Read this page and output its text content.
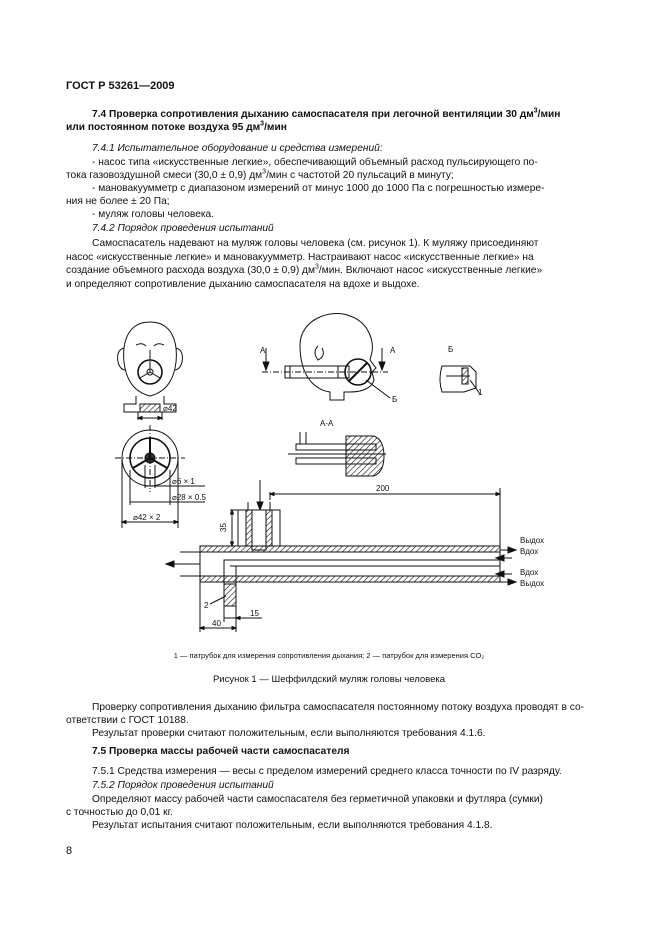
ГОСТ Р 53261—2009
7.4 Проверка сопротивления дыханию самоспасателя при легочной вентиляции 30 $дм^3$/мин
или постоянном потоке воздуха 95 $дм^3$/мин
7.4.1 Испытательное оборудование и средства измерений:
- насос типа «искусственные легкие», обеспечивающий объемный расход пульсирующего по-
тока газовоздушной смеси (30,0 ± 0,9) $дм^3$/мин с частотой 20 пульсаций в минуту;
- мановакуумметр с диапазоном измерений от минус 1000 до 1000 Па с погрешностью измере-
ния не более ± 20 Па;
- муляж головы человека.
7.4.2 Порядок проведения испытаний
Самоспасатель надевают на муляж головы человека (см. рисунок 1). К муляжу присоединяют
насос «искусственные легкие» и мановакуумметр. Настраивают насос «искусственные легкие» на
создание объемного расхода воздуха (30,0 ± 0,9) $дм^3$/мин. Включают насос «искусственные легкие»
и определяют сопротивление дыханию самоспасателя на вдохе и выдохе.
⌀42
⌀6 × 1
⌀28 × 0.5
⌀42 × 2
А	А
Б
Б
1
А-А
200
35
40
15
2
Выдох
Вдох
Вдох
Выдох
1 — патрубок для измерения сопротивления дыхания; 2 — патрубок для измерения CO₂
Рисунок 1 — Шеффилдский муляж головы человека
Проверку сопротивления дыханию фильтра самоспасателя постоянному потоку воздуха проводят в со-
ответствии с ГОСТ 10188.
Результат проверки считают положительным, если выполняются требования 4.1.6.
7.5 Проверка массы рабочей части самоспасателя
7.5.1 Средства измерения — весы с пределом измерений среднего класса точности по IV разряду.
7.5.2 Порядок проведения испытаний
Определяют массу рабочей части самоспасателя без герметичной упаковки и футляра (сумки)
с точностью до 0,01 кг.
Результат испытания считают положительным, если выполняются требования 4.1.8.
8
